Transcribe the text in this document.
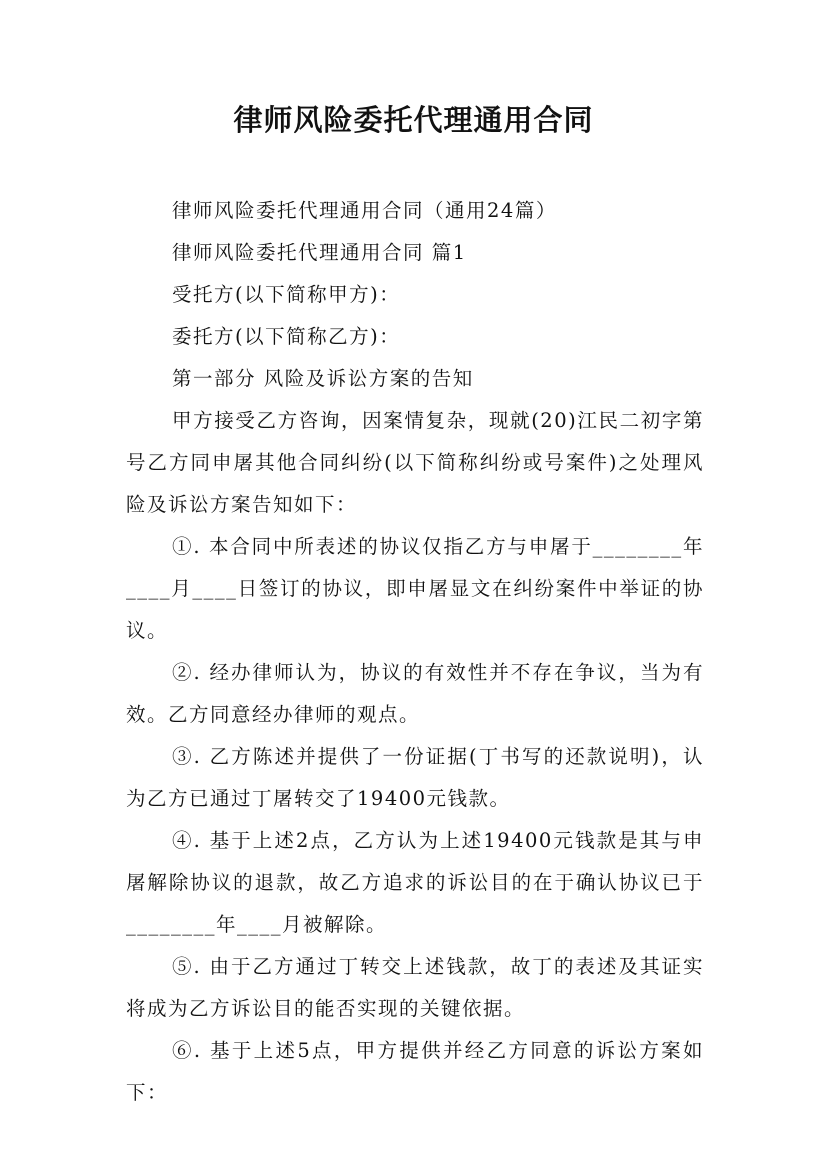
律师风险委托代理通用合同

律师风险委托代理通用合同（通用24篇）

律师风险委托代理通用合同 篇1

受托方(以下简称甲方)：

委托方(以下简称乙方)：

第一部分 风险及诉讼方案的告知

甲方接受乙方咨询，因案情复杂，现就(20)江民二初字第号乙方同申屠其他合同纠纷(以下简称纠纷或号案件)之处理风险及诉讼方案告知如下：

①. 本合同中所表述的协议仅指乙方与申屠于________年____月____日签订的协议，即申屠显文在纠纷案件中举证的协议。

②. 经办律师认为，协议的有效性并不存在争议，当为有效。乙方同意经办律师的观点。

③. 乙方陈述并提供了一份证据(丁书写的还款说明)，认为乙方已通过丁屠转交了19400元钱款。

④. 基于上述2点，乙方认为上述19400元钱款是其与申屠解除协议的退款，故乙方追求的诉讼目的在于确认协议已于________年____月被解除。

⑤. 由于乙方通过丁转交上述钱款，故丁的表述及其证实将成为乙方诉讼目的能否实现的关键依据。

⑥. 基于上述5点，甲方提供并经乙方同意的诉讼方案如下：
